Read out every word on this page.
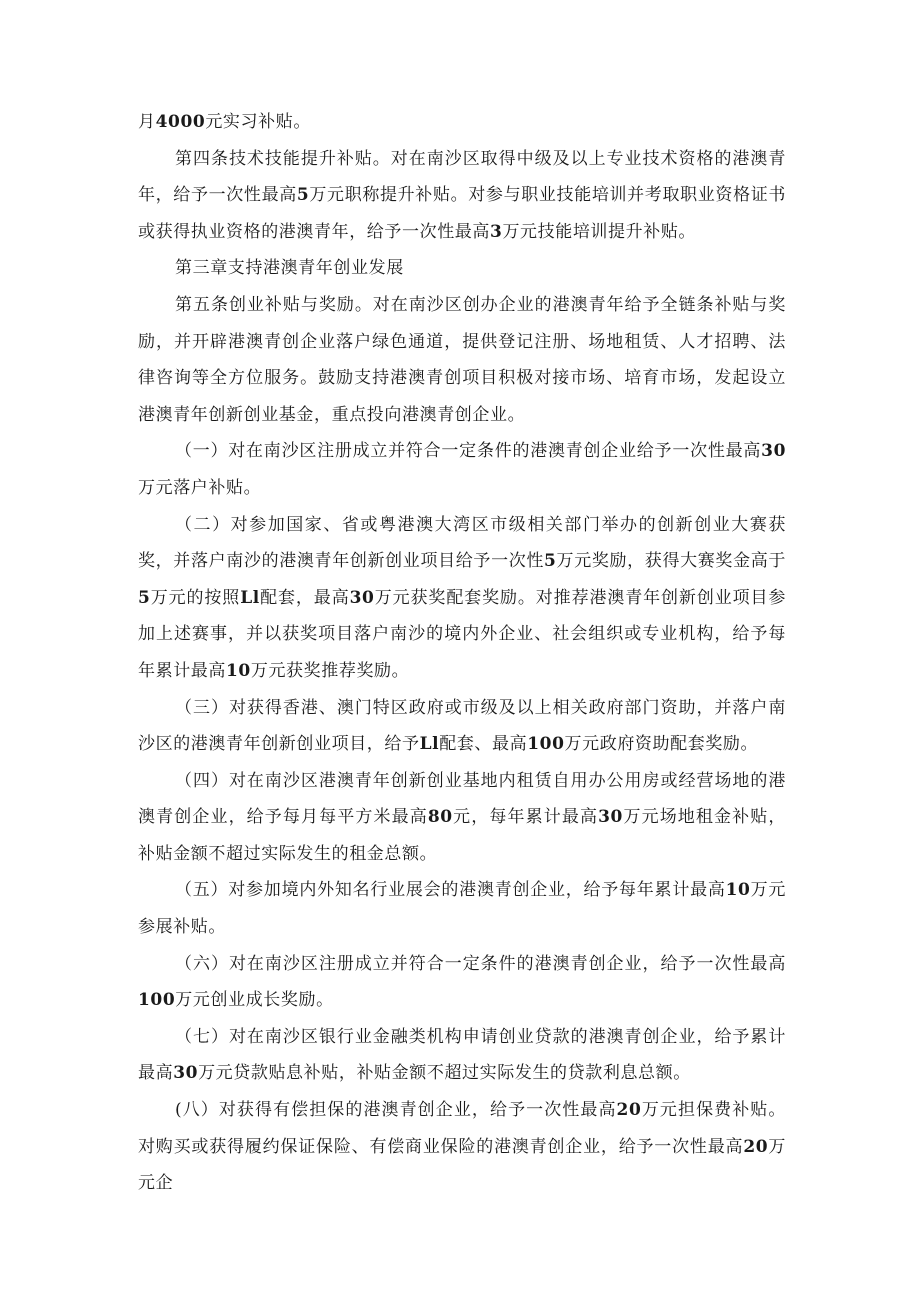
月4000元实习补贴。

第四条技术技能提升补贴。对在南沙区取得中级及以上专业技术资格的港澳青年，给予一次性最高5万元职称提升补贴。对参与职业技能培训并考取职业资格证书或获得执业资格的港澳青年，给予一次性最高3万元技能培训提升补贴。

第三章支持港澳青年创业发展

第五条创业补贴与奖励。对在南沙区创办企业的港澳青年给予全链条补贴与奖励，并开辟港澳青创企业落户绿色通道，提供登记注册、场地租赁、人才招聘、法律咨询等全方位服务。鼓励支持港澳青创项目积极对接市场、培育市场，发起设立港澳青年创新创业基金，重点投向港澳青创企业。

（一）对在南沙区注册成立并符合一定条件的港澳青创企业给予一次性最高30万元落户补贴。

（二）对参加国家、省或粤港澳大湾区市级相关部门举办的创新创业大赛获奖，并落户南沙的港澳青年创新创业项目给予一次性5万元奖励，获得大赛奖金高于5万元的按照Ll配套，最高30万元获奖配套奖励。对推荐港澳青年创新创业项目参加上述赛事，并以获奖项目落户南沙的境内外企业、社会组织或专业机构，给予每年累计最高10万元获奖推荐奖励。

（三）对获得香港、澳门特区政府或市级及以上相关政府部门资助，并落户南沙区的港澳青年创新创业项目，给予Ll配套、最高100万元政府资助配套奖励。

（四）对在南沙区港澳青年创新创业基地内租赁自用办公用房或经营场地的港澳青创企业，给予每月每平方米最高80元，每年累计最高30万元场地租金补贴，补贴金额不超过实际发生的租金总额。

（五）对参加境内外知名行业展会的港澳青创企业，给予每年累计最高10万元参展补贴。

（六）对在南沙区注册成立并符合一定条件的港澳青创企业，给予一次性最高100万元创业成长奖励。

（七）对在南沙区银行业金融类机构申请创业贷款的港澳青创企业，给予累计最高30万元贷款贴息补贴，补贴金额不超过实际发生的贷款利息总额。

(八）对获得有偿担保的港澳青创企业，给予一次性最高20万元担保费补贴。对购买或获得履约保证保险、有偿商业保险的港澳青创企业，给予一次性最高20万元企
